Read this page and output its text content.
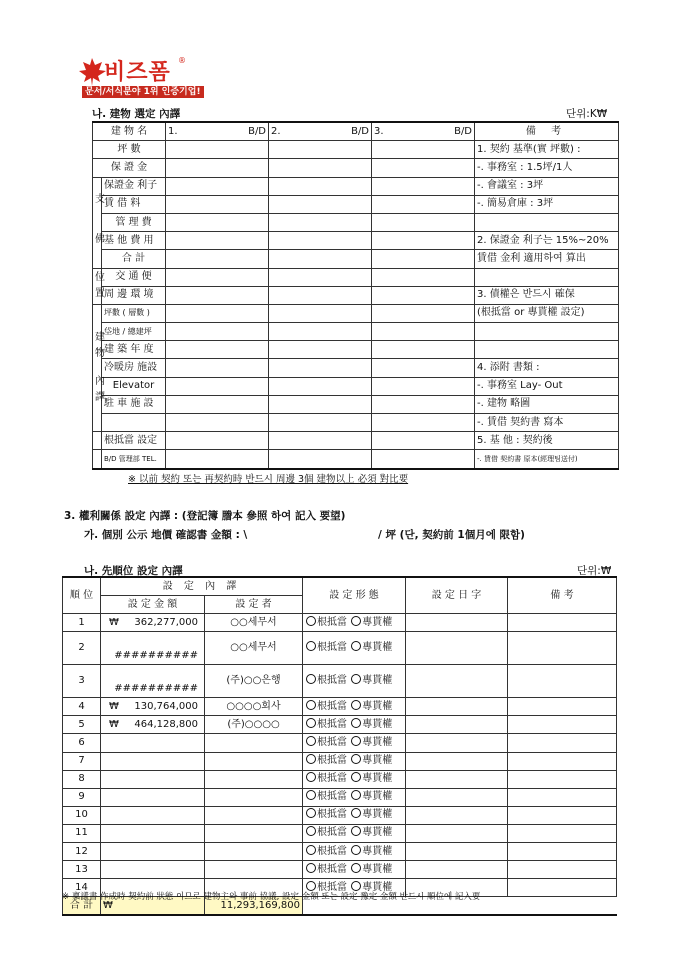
비즈폼 ®
문서/서식분야 1위 인증기업!
나. 建物 選定 內譯	단위:K₩
建 物 名		1. B/D	2. B/D	3. B/D	備 考
坪 數					1. 契約 基準(實 坪數) :
保 證 金					-. 事務室 : 1.5坪/1人

支
佛	保證金 利子				-. 會議室 : 3坪
	賃 借 料				-. 簡易倉庫 : 3坪
	管 理 費				
	基 他 費 用				2. 保證金 利子는 15%~20%
	合 計				賃借 金利 適用하여 算出

位
置	交 通 便				
	周 邊 環 境				3. 債權은 반드시 確保

建
物
內
譯	坪數 ( 層數 )				(根抵當 or 專貰權 設定)
	垈地 / 總建坪				
	建 築 年 度				
	冷暖房 施設				4. 添附 書類 :
	Elevator				-. 事務室 Lay- Out
	駐 車 施 設				-. 建物 略圖
					-. 賃借 契約書 寫本
	根抵當 設定				5. 基 他 : 契約後
	B/D 管理部 TEL.				-. 賃借 契約書 原本(經理팀送付)
※ 以前 契約 또는 再契約時 반드시 周邊 3個 建物以上 必須 對比要
3. 權利關係 設定 內譯 : (登記簿 謄本 參照 하여 記入 要望)
가. 個別 公示 地價 確認書 金額 : \	/ 坪 (단, 契約前 1個月에 限함)
나. 先順位 設定 內譯	단위:₩
順 位	設 定 內 譯		設 定 形 態	設 定 日 字	備 考
	設 定 金 額	設 定 者			
1	₩ 362,277,000	○○세무서	根抵當 專貰權		
2	##########	○○세무서	根抵當 專貰權		
3	##########	(주)○○은행	根抵當 專貰權		
4	₩ 130,764,000	○○○○회사	根抵當 專貰權		
5	₩ 464,128,800	(주)○○○○	根抵當 專貰權		
6			根抵當 專貰權		
7			根抵當 專貰權		
8			根抵當 專貰權		
9			根抵當 專貰權		
10			根抵當 專貰權		
11			根抵當 專貰權		
12			根抵當 專貰權		
13			根抵當 專貰權		
14			根抵當 專貰權		
合 計	₩	11,293,169,800			
※ 稟議書 作成時 契約前 狀態 이므로 建物主와 事前 協議, 設定 金額 또는 設定 豫定 金額 반드시 順位에 記入要
